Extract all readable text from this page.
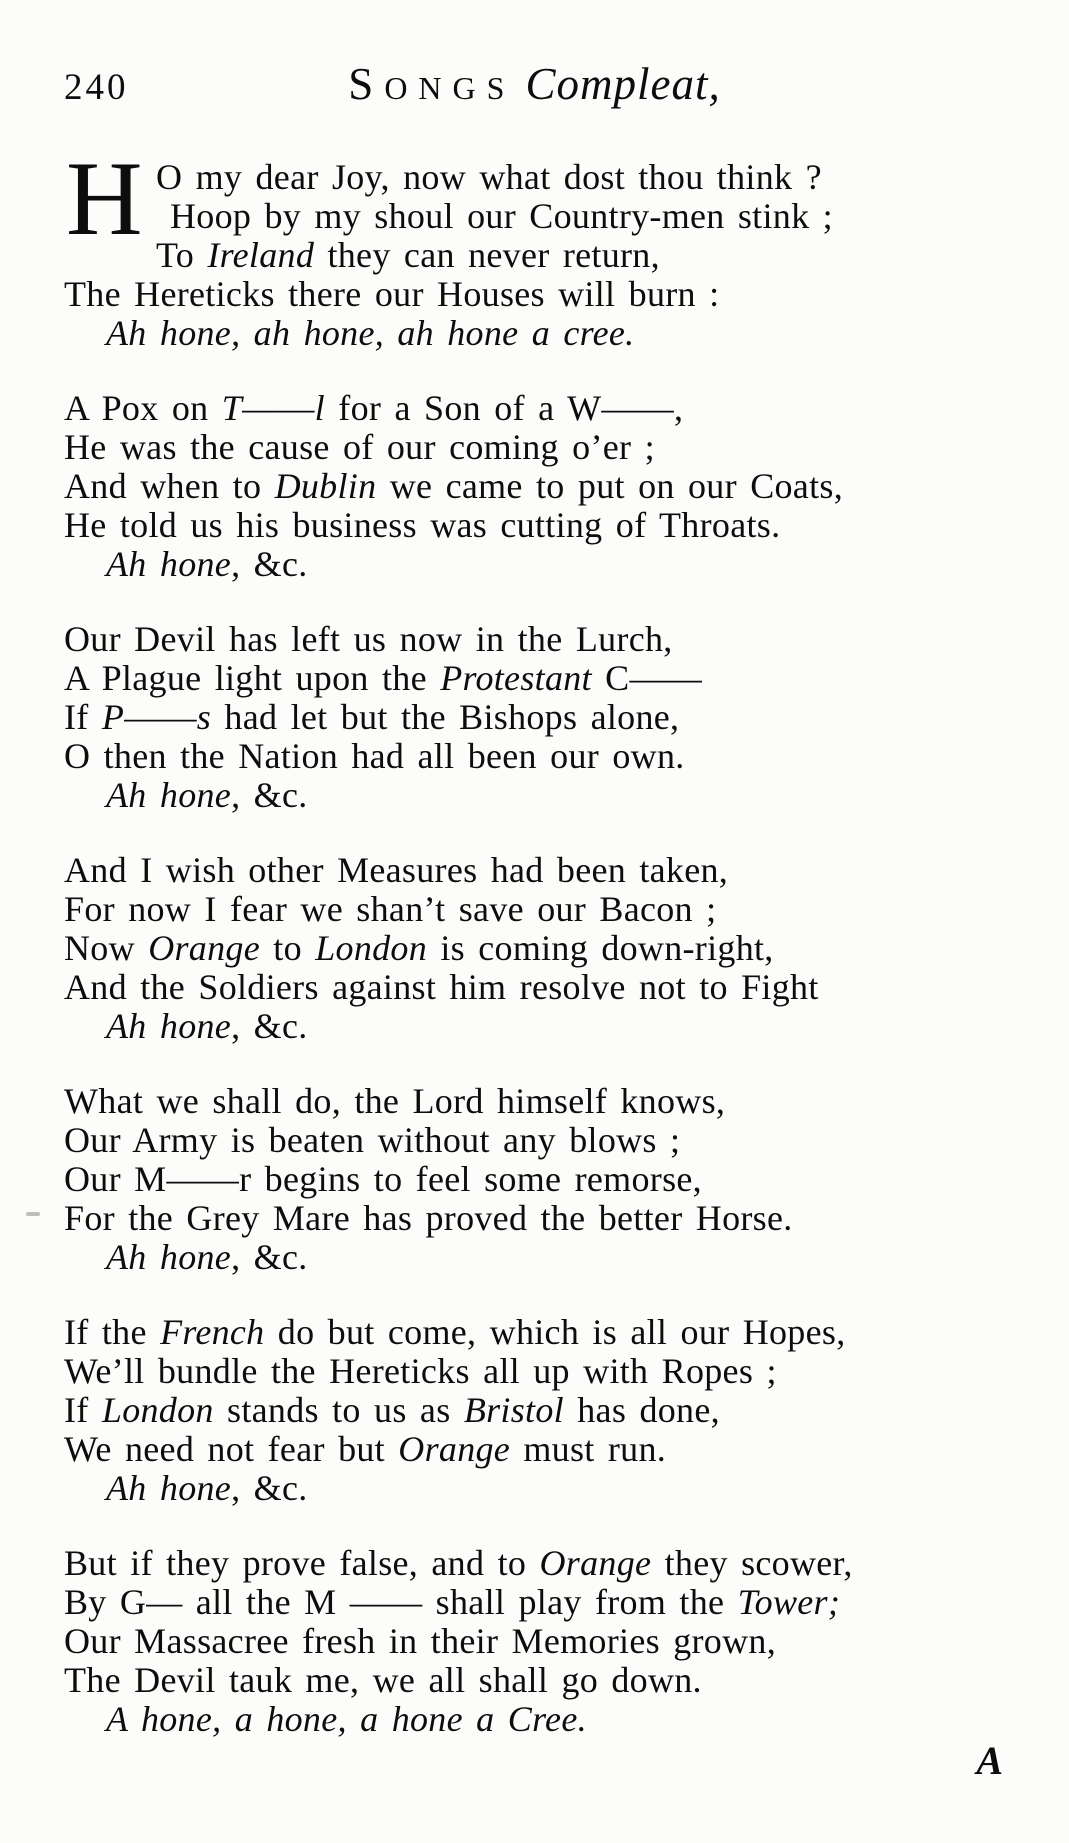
240	Songs Compleat,
H O my dear Joy, now what dost thou think ?
Hoop by my shoul our Country-men stink ;
To Ireland they can never return,
The Hereticks there our Houses will burn :
Ah hone, ah hone, ah hone a cree.
A Pox on T——l for a Son of a W——,
He was the cause of our coming o’er ;
And when to Dublin we came to put on our Coats,
He told us his business was cutting of Throats.
Ah hone, &c.
Our Devil has left us now in the Lurch,
A Plague light upon the Protestant C——
If P——s had let but the Bishops alone,
O then the Nation had all been our own.
Ah hone, &c.
And I wish other Measures had been taken,
For now I fear we shan’t save our Bacon ;
Now Orange to London is coming down-right,
And the Soldiers against him resolve not to Fight
Ah hone, &c.
What we shall do, the Lord himself knows,
Our Army is beaten without any blows ;
Our M——r begins to feel some remorse,
For the Grey Mare has proved the better Horse.
Ah hone, &c.
If the French do but come, which is all our Hopes,
We’ll bundle the Hereticks all up with Ropes ;
If London stands to us as Bristol has done,
We need not fear but Orange must run.
Ah hone, &c.
But if they prove false, and to Orange they scower,
By G— all the M —— shall play from the Tower;
Our Massacree fresh in their Memories grown,
The Devil tauk me, we all shall go down.
A hone, a hone, a hone a Cree.
A
